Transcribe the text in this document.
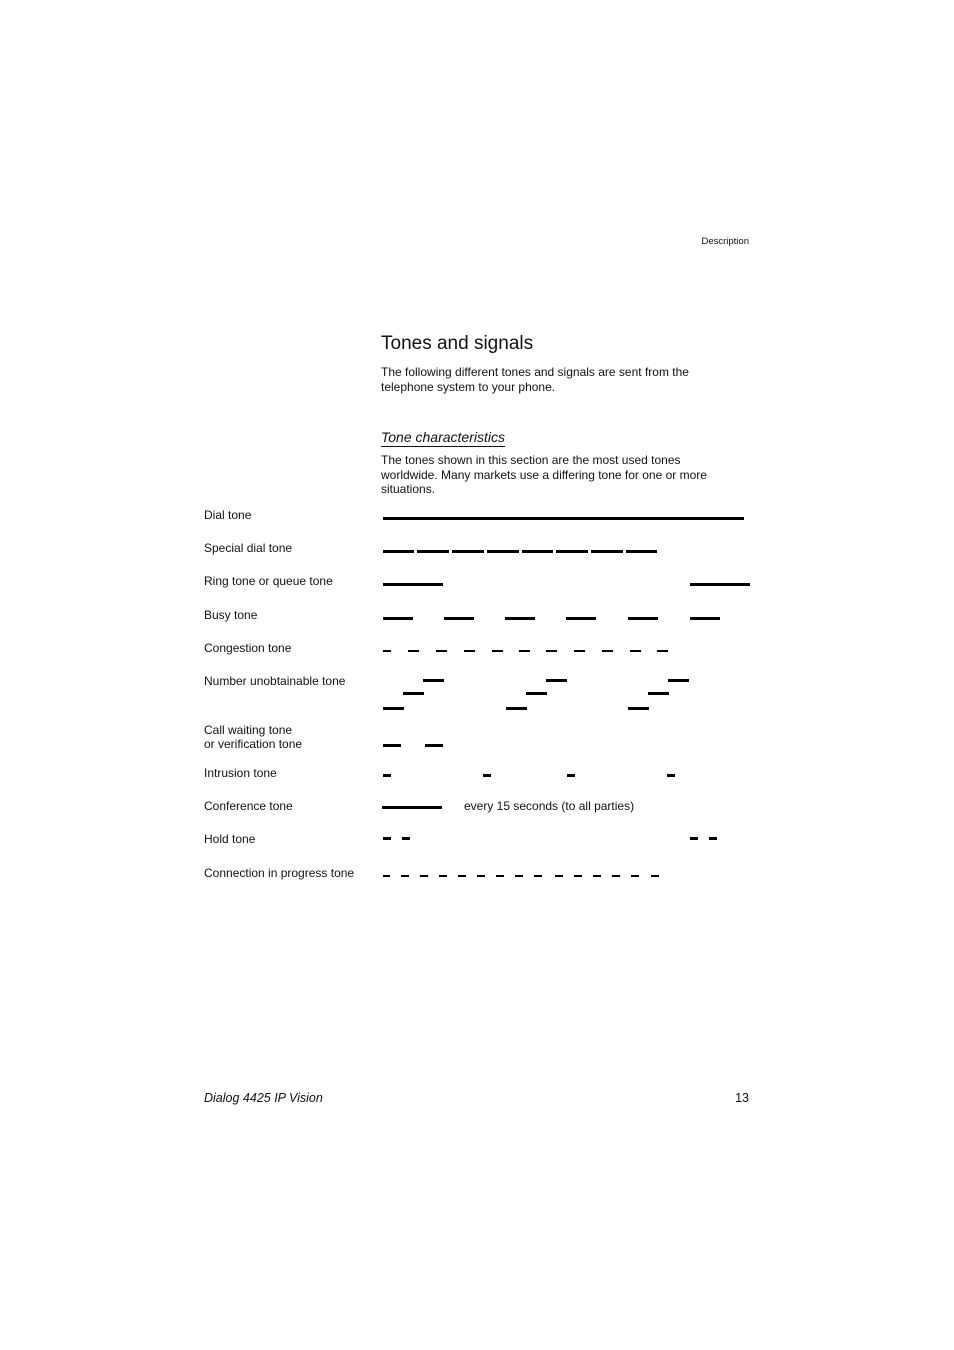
Description
Tones and signals

The following different tones and signals are sent from the telephone system to your phone.

Tone characteristics

The tones shown in this section are the most used tones worldwide. Many markets use a differing tone for one or more situations.

Dial tone
Special dial tone
Ring tone or queue tone
Busy tone
Congestion tone
Number unobtainable tone
Call waiting tone
or verification tone
Intrusion tone
Conference tone
Hold tone
Connection in progress tone
every 15 seconds (to all parties)
Dialog 4425 IP Vision	13
